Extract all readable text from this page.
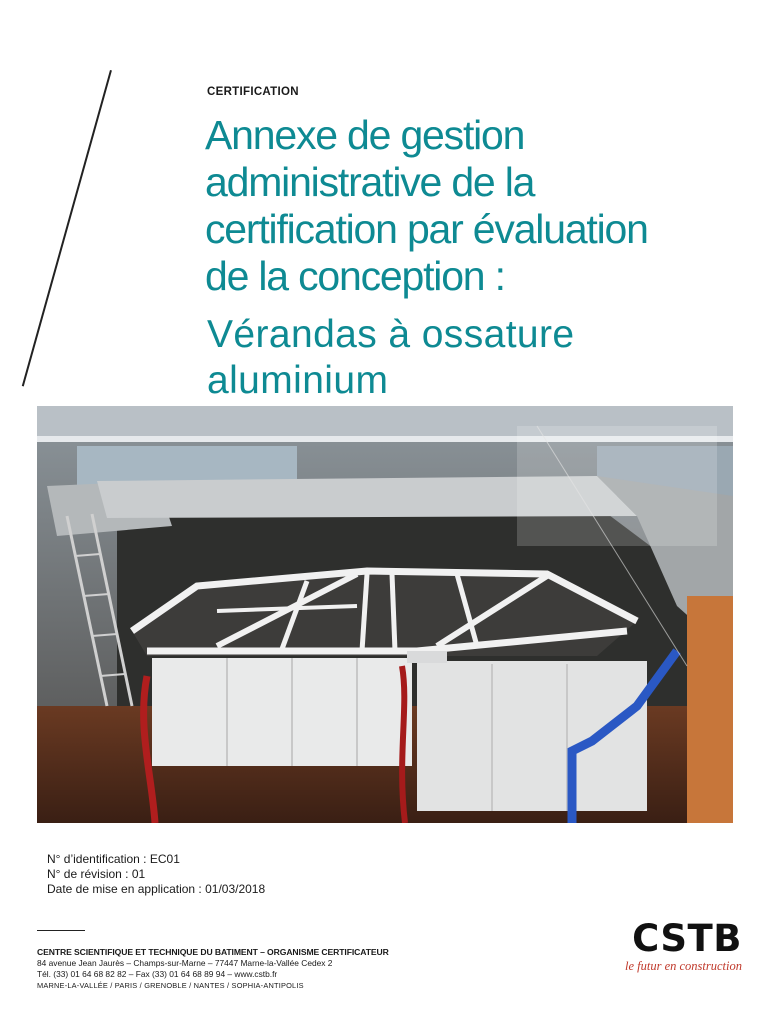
CERTIFICATION
Annexe de gestion
administrative de la
certification par évaluation
de la conception :
Vérandas à ossature
aluminium
N° d’identification : EC01
N° de révision : 01
Date de mise en application : 01/03/2018
CENTRE SCIENTIFIQUE ET TECHNIQUE DU BATIMENT – ORGANISME CERTIFICATEUR
84 avenue Jean Jaurès – Champs-sur-Marne – 77447 Marne-la-Vallée Cedex 2
Tél. (33) 01 64 68 82 82 – Fax (33) 01 64 68 89 94 – www.cstb.fr
MARNE-LA-VALLÉE / PARIS / GRENOBLE / NANTES / SOPHIA-ANTIPOLIS
CSTB
le futur en construction
